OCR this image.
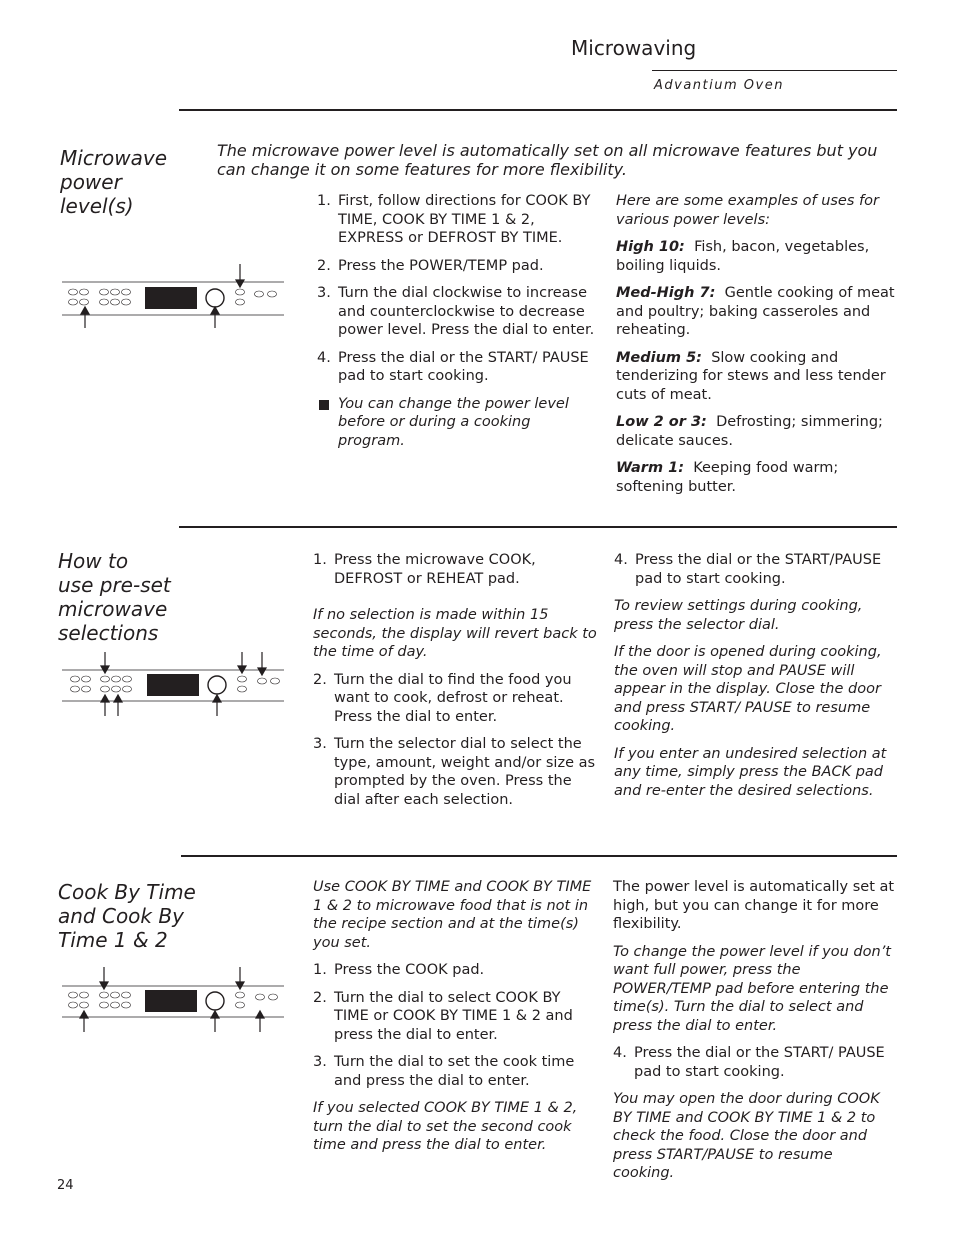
Microwaving
Advantium Oven
Microwave
power
level(s)
The microwave power level is automatically set on all microwave features but you can change it on some features for more flexibility.
1. First, follow directions for COOK BY TIME, COOK BY TIME 1 & 2, EXPRESS or DEFROST BY TIME.
2. Press the POWER/TEMP pad.
3. Turn the dial clockwise to increase and counterclockwise to decrease power level. Press the dial to enter.
4. Press the dial or the START/ PAUSE pad to start cooking.
You can change the power level before or during a cooking program.

Here are some examples of uses for various power levels:

High 10: Fish, bacon, vegetables, boiling liquids.

Med-High 7: Gentle cooking of meat and poultry; baking casseroles and reheating.

Medium 5: Slow cooking and tenderizing for stews and less tender cuts of meat.

Low 2 or 3: Defrosting; simmering; delicate sauces.

Warm 1: Keeping food warm; softening butter.

How to
use pre-set
microwave
selections
1. Press the microwave COOK, DEFROST or REHEAT pad.

If no selection is made within 15 seconds, the display will revert back to the time of day.

2. Turn the dial to find the food you want to cook, defrost or reheat. Press the dial to enter.
3. Turn the selector dial to select the type, amount, weight and/or size as prompted by the oven. Press the dial after each selection.
4. Press the dial or the START/PAUSE pad to start cooking.

To review settings during cooking, press the selector dial.

If the door is opened during cooking, the oven will stop and PAUSE will appear in the display. Close the door and press START/ PAUSE to resume cooking.

If you enter an undesired selection at any time, simply press the BACK pad and re-enter the desired selections.

Cook By Time
and Cook By
Time 1 & 2

Use COOK BY TIME and COOK BY TIME 1 & 2 to microwave food that is not in the recipe section and at the time(s) you set.

1. Press the COOK pad.
2. Turn the dial to select COOK BY TIME or COOK BY TIME 1 & 2 and press the dial to enter.
3. Turn the dial to set the cook time and press the dial to enter.

If you selected COOK BY TIME 1 & 2, turn the dial to set the second cook time and press the dial to enter.

The power level is automatically set at high, but you can change it for more flexibility.

To change the power level if you don’t want full power, press the POWER/TEMP pad before entering the time(s). Turn the dial to select and press the dial to enter.

4. Press the dial or the START/ PAUSE pad to start cooking.

You may open the door during COOK BY TIME and COOK BY TIME 1 & 2 to check the food. Close the door and press START/PAUSE to resume cooking.

24
